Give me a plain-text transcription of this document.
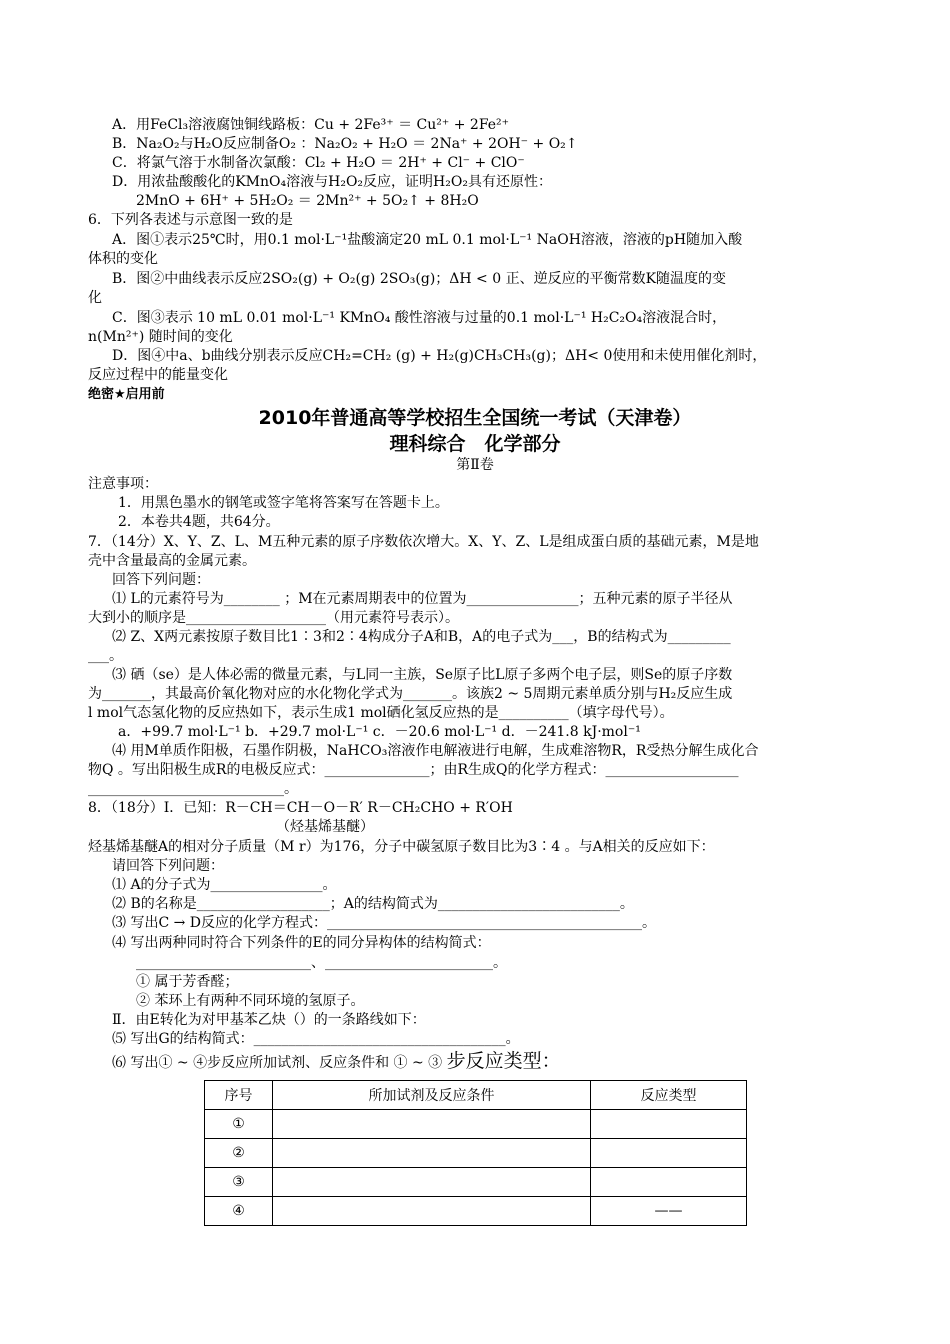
A．用FeCl₃溶液腐蚀铜线路板：Cu + 2Fe³⁺ ＝ Cu²⁺ + 2Fe²⁺
B．Na₂O₂与H₂O反应制备O₂ ：Na₂O₂ + H₂O ＝ 2Na⁺ + 2OH⁻ + O₂↑
C．将氯气溶于水制备次氯酸：Cl₂ + H₂O ＝ 2H⁺ + Cl⁻ + ClO⁻
D．用浓盐酸酸化的KMnO₄溶液与H₂O₂反应，证明H₂O₂具有还原性：
2MnO + 6H⁺ + 5H₂O₂ ＝ 2Mn²⁺ + 5O₂↑ + 8H₂O
6．下列各表述与示意图一致的是
A．图①表示25℃时，用0.1 mol·L⁻¹盐酸滴定20 mL 0.1 mol·L⁻¹ NaOH溶液，溶液的pH随加入酸
体积的变化
B．图②中曲线表示反应2SO₂(g) + O₂(g) 2SO₃(g)；ΔH < 0 正、逆反应的平衡常数K随温度的变
化
C．图③表示 10 mL 0.01 mol·L⁻¹ KMnO₄ 酸性溶液与过量的0.1 mol·L⁻¹ H₂C₂O₄溶液混合时，
n(Mn²⁺) 随时间的变化
D．图④中a、b曲线分别表示反应CH₂=CH₂ (g) + H₂(g)CH₃CH₃(g)；ΔH< 0使用和未使用催化剂时，
反应过程中的能量变化
绝密★启用前
2010年普通高等学校招生全国统一考试（天津卷）
理科综合　化学部分
第Ⅱ卷
注意事项：
1．用黑色墨水的钢笔或签字笔将答案写在答题卡上。
2．本卷共4题，共64分。
7．（14分）X、Y、Z、L、M五种元素的原子序数依次增大。X、Y、Z、L是组成蛋白质的基础元素，M是地
壳中含量最高的金属元素。
回答下列问题：
⑴ L的元素符号为________ ；M在元素周期表中的位置为________________；五种元素的原子半径从
大到小的顺序是____________________（用元素符号表示）。
⑵ Z、X两元素按原子数目比1∶3和2∶4构成分子A和B，A的电子式为___，B的结构式为_________
___。
⑶ 硒（se）是人体必需的微量元素，与L同一主族，Se原子比L原子多两个电子层，则Se的原子序数
为_______，其最高价氧化物对应的水化物化学式为_______。该族2 ~ 5周期元素单质分别与H₂反应生成
l mol气态氢化物的反应热如下，表示生成1 mol硒化氢反应热的是__________（填字母代号）。
a．+99.7 mol·L⁻¹ b．+29.7 mol·L⁻¹ c．－20.6 mol·L⁻¹ d．－241.8 kJ·mol⁻¹
⑷ 用M单质作阳极，石墨作阴极，NaHCO₃溶液作电解液进行电解，生成难溶物R，R受热分解生成化合
物Q 。写出阳极生成R的电极反应式：_______________；由R生成Q的化学方程式：___________________
____________________________。
8．（18分）Ⅰ．已知：R－CH＝CH－O－R′ R－CH₂CHO + R′OH
（烃基烯基醚）
烃基烯基醚A的相对分子质量（M r）为176，分子中碳氢原子数目比为3∶4 。与A相关的反应如下：
请回答下列问题：
⑴ A的分子式为________________。
⑵ B的名称是___________________；A的结构简式为__________________________。
⑶ 写出C → D反应的化学方程式：_____________________________________________。
⑷ 写出两种同时符合下列条件的E的同分异构体的结构简式：
_________________________、________________________。
① 属于芳香醛；
② 苯环上有两种不同环境的氢原子。
Ⅱ．由E转化为对甲基苯乙炔（）的一条路线如下：
⑸ 写出G的结构简式：____________________________________。
⑹ 写出① ~ ④步反应所加试剂、反应条件和 ① ~ ③ 步反应类型：
序号	所加试剂及反应条件	反应类型
①		
②		
③		
④		——
